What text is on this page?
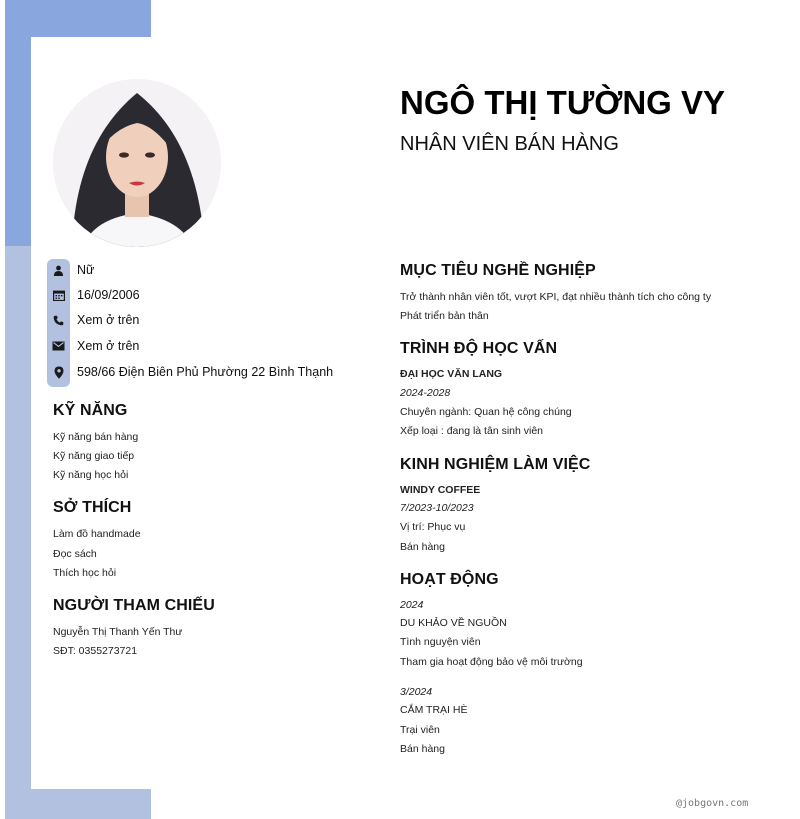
NGÔ THỊ TƯỜNG VY
NHÂN VIÊN BÁN HÀNG
Nữ
16/09/2006
Xem ở trên
Xem ở trên
598/66 Điện Biên Phủ Phường 22 Bình Thạnh
KỸ NĂNG
Kỹ năng bán hàng
Kỹ năng giao tiếp
Kỹ năng học hỏi
SỞ THÍCH
Làm đồ handmade
Đọc sách
Thích học hỏi
NGƯỜI THAM CHIẾU
Nguyễn Thị Thanh Yến Thư
SĐT: 0355273721
MỤC TIÊU NGHỀ NGHIỆP
Trở thành nhân viên tốt, vượt KPI, đạt nhiều thành tích cho công ty
Phát triển bản thân
TRÌNH ĐỘ HỌC VẤN
ĐẠI HỌC VĂN LANG
2024-2028
Chuyên ngành: Quan hệ công chúng
Xếp loại : đang là tân sinh viên
KINH NGHIỆM LÀM VIỆC
WINDY COFFEE
7/2023-10/2023
Vị trí: Phục vụ
Bán hàng
HOẠT ĐỘNG
2024
DU KHẢO VỀ NGUỒN
Tình nguyện viên
Tham gia hoạt động bảo vệ môi trường
3/2024
CẮM TRẠI HÈ
Trại viên
Bán hàng
@jobgovn.com
